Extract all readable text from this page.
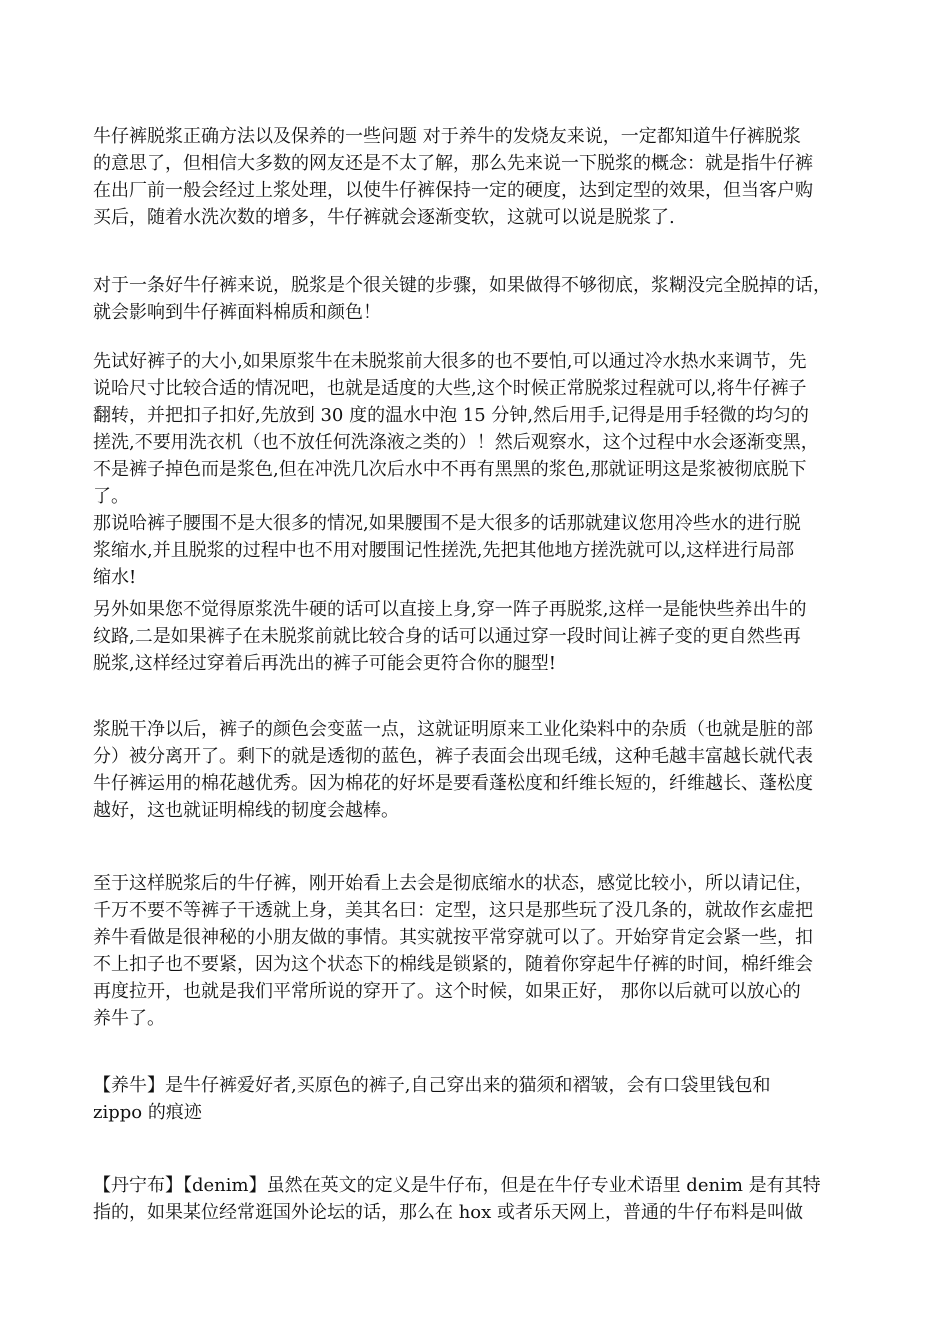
牛仔裤脱浆正确方法以及保养的一些问题 对于养牛的发烧友来说，一定都知道牛仔裤脱浆
的意思了，但相信大多数的网友还是不太了解，那么先来说一下脱浆的概念：就是指牛仔裤
在出厂前一般会经过上浆处理，以使牛仔裤保持一定的硬度，达到定型的效果，但当客户购
买后，随着水洗次数的增多，牛仔裤就会逐渐变软，这就可以说是脱浆了.
对于一条好牛仔裤来说，脱浆是个很关键的步骤，如果做得不够彻底，浆糊没完全脱掉的话，
就会影响到牛仔裤面料棉质和颜色！
先试好裤子的大小,如果原浆牛在未脱浆前大很多的也不要怕,可以通过冷水热水来调节，先
说哈尺寸比较合适的情况吧，也就是适度的大些,这个时候正常脱浆过程就可以,将牛仔裤子
翻转，并把扣子扣好,先放到 30 度的温水中泡 15 分钟,然后用手,记得是用手轻微的均匀的
搓洗,不要用洗衣机（也不放任何洗涤液之类的）！然后观察水，这个过程中水会逐渐变黑，
不是裤子掉色而是浆色,但在冲洗几次后水中不再有黑黑的浆色,那就证明这是浆被彻底脱下
了。
那说哈裤子腰围不是大很多的情况,如果腰围不是大很多的话那就建议您用冷些水的进行脱
浆缩水,并且脱浆的过程中也不用对腰围记性搓洗,先把其他地方搓洗就可以,这样进行局部
缩水!
另外如果您不觉得原浆洗牛硬的话可以直接上身,穿一阵子再脱浆,这样一是能快些养出牛的
纹路,二是如果裤子在未脱浆前就比较合身的话可以通过穿一段时间让裤子变的更自然些再
脱浆,这样经过穿着后再洗出的裤子可能会更符合你的腿型!
浆脱干净以后，裤子的颜色会变蓝一点，这就证明原来工业化染料中的杂质（也就是脏的部
分）被分离开了。剩下的就是透彻的蓝色，裤子表面会出现毛绒，这种毛越丰富越长就代表
牛仔裤运用的棉花越优秀。因为棉花的好坏是要看蓬松度和纤维长短的，纤维越长、蓬松度
越好，这也就证明棉线的韧度会越棒。
至于这样脱浆后的牛仔裤，刚开始看上去会是彻底缩水的状态，感觉比较小，所以请记住，
千万不要不等裤子干透就上身，美其名曰：定型，这只是那些玩了没几条的，就故作玄虚把
养牛看做是很神秘的小朋友做的事情。其实就按平常穿就可以了。开始穿肯定会紧一些，扣
不上扣子也不要紧，因为这个状态下的棉线是锁紧的，随着你穿起牛仔裤的时间，棉纤维会
再度拉开，也就是我们平常所说的穿开了。这个时候，如果正好， 那你以后就可以放心的
养牛了。
【养牛】是牛仔裤爱好者,买原色的裤子,自己穿出来的猫须和褶皱，会有口袋里钱包和
zippo 的痕迹
【丹宁布】【denim】虽然在英文的定义是牛仔布，但是在牛仔专业术语里 denim 是有其特
指的，如果某位经常逛国外论坛的话，那么在 hox 或者乐天网上，普通的牛仔布料是叫做
